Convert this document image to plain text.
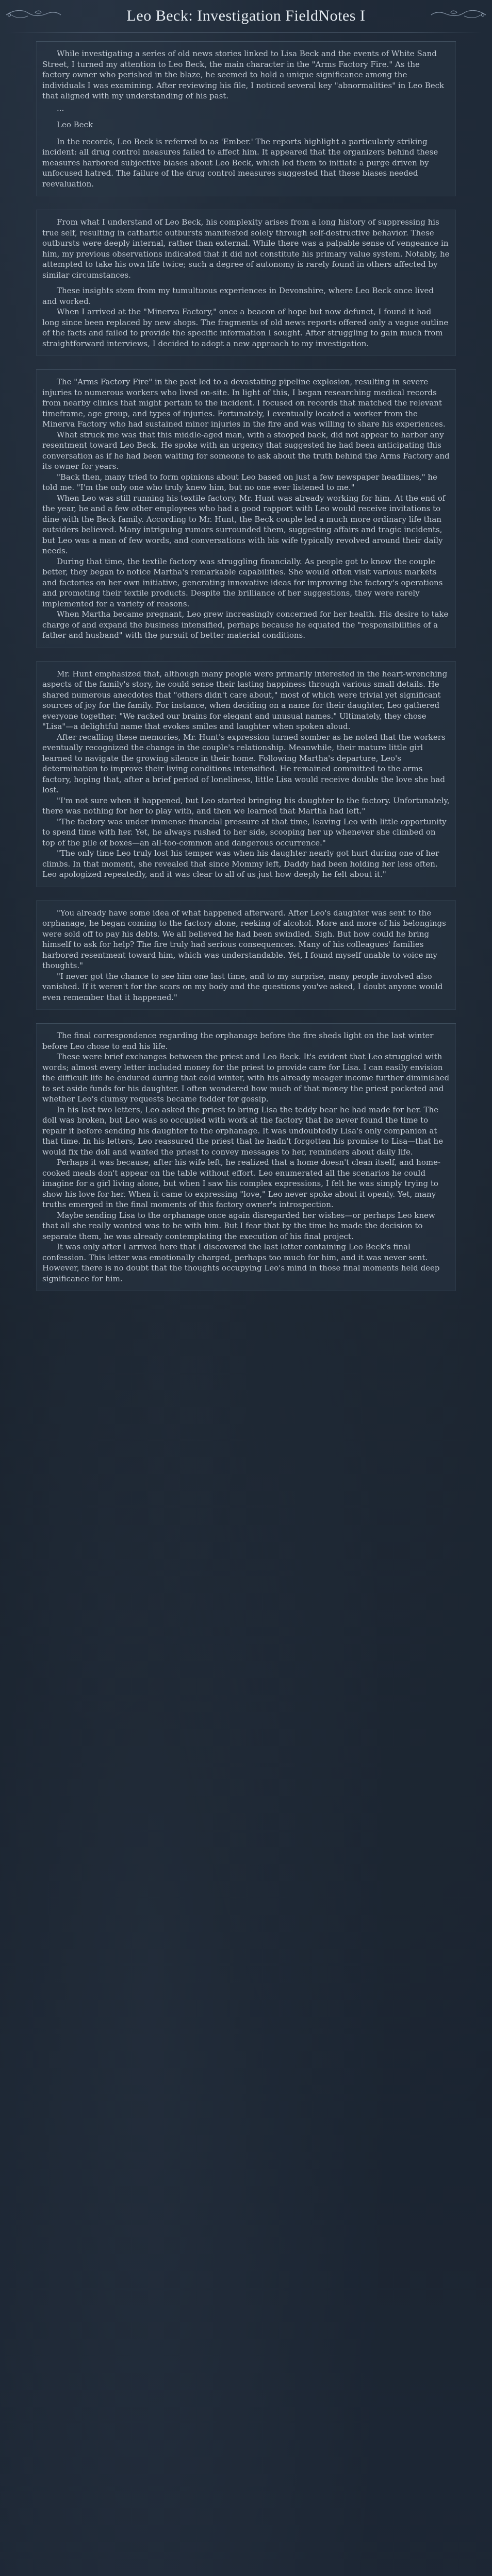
Leo Beck: Investigation FieldNotes I

While investigating a series of old news stories linked to Lisa Beck and the events of White Sand Street, I turned my attention to Leo Beck, the main character in the "Arms Factory Fire." As the factory owner who perished in the blaze, he seemed to hold a unique significance among the individuals I was examining. After reviewing his file, I noticed several key "abnormalities" in Leo Beck that aligned with my understanding of his past.

...
Leo Beck

In the records, Leo Beck is referred to as 'Ember.' The reports highlight a particularly striking incident: all drug control measures failed to affect him. It appeared that the organizers behind these measures harbored subjective biases about Leo Beck, which led them to initiate a purge driven by unfocused hatred. The failure of the drug control measures suggested that these biases needed reevaluation.

From what I understand of Leo Beck, his complexity arises from a long history of suppressing his true self, resulting in cathartic outbursts manifested solely through self-destructive behavior. These outbursts were deeply internal, rather than external. While there was a palpable sense of vengeance in him, my previous observations indicated that it did not constitute his primary value system. Notably, he attempted to take his own life twice; such a degree of autonomy is rarely found in others affected by similar circumstances.

These insights stem from my tumultuous experiences in Devonshire, where Leo Beck once lived and worked.

When I arrived at the "Minerva Factory," once a beacon of hope but now defunct, I found it had long since been replaced by new shops. The fragments of old news reports offered only a vague outline of the facts and failed to provide the specific information I sought. After struggling to gain much from straightforward interviews, I decided to adopt a new approach to my investigation.

The "Arms Factory Fire" in the past led to a devastating pipeline explosion, resulting in severe injuries to numerous workers who lived on-site. In light of this, I began researching medical records from nearby clinics that might pertain to the incident. I focused on records that matched the relevant timeframe, age group, and types of injuries. Fortunately, I eventually located a worker from the Minerva Factory who had sustained minor injuries in the fire and was willing to share his experiences.

What struck me was that this middle-aged man, with a stooped back, did not appear to harbor any resentment toward Leo Beck. He spoke with an urgency that suggested he had been anticipating this conversation as if he had been waiting for someone to ask about the truth behind the Arms Factory and its owner for years.

"Back then, many tried to form opinions about Leo based on just a few newspaper headlines," he told me. "I'm the only one who truly knew him, but no one ever listened to me."

When Leo was still running his textile factory, Mr. Hunt was already working for him. At the end of the year, he and a few other employees who had a good rapport with Leo would receive invitations to dine with the Beck family. According to Mr. Hunt, the Beck couple led a much more ordinary life than outsiders believed. Many intriguing rumors surrounded them, suggesting affairs and tragic incidents, but Leo was a man of few words, and conversations with his wife typically revolved around their daily needs.

During that time, the textile factory was struggling financially. As people got to know the couple better, they began to notice Martha's remarkable capabilities. She would often visit various markets and factories on her own initiative, generating innovative ideas for improving the factory's operations and promoting their textile products. Despite the brilliance of her suggestions, they were rarely implemented for a variety of reasons.

When Martha became pregnant, Leo grew increasingly concerned for her health. His desire to take charge of and expand the business intensified, perhaps because he equated the "responsibilities of a father and husband" with the pursuit of better material conditions.

Mr. Hunt emphasized that, although many people were primarily interested in the heart-wrenching aspects of the family's story, he could sense their lasting happiness through various small details. He shared numerous anecdotes that "others didn't care about," most of which were trivial yet significant sources of joy for the family. For instance, when deciding on a name for their daughter, Leo gathered everyone together: "We racked our brains for elegant and unusual names." Ultimately, they chose "Lisa"—a delightful name that evokes smiles and laughter when spoken aloud.

After recalling these memories, Mr. Hunt's expression turned somber as he noted that the workers eventually recognized the change in the couple's relationship. Meanwhile, their mature little girl learned to navigate the growing silence in their home. Following Martha's departure, Leo's determination to improve their living conditions intensified. He remained committed to the arms factory, hoping that, after a brief period of loneliness, little Lisa would receive double the love she had lost.

"I'm not sure when it happened, but Leo started bringing his daughter to the factory. Unfortunately, there was nothing for her to play with, and then we learned that Martha had left."

"The factory was under immense financial pressure at that time, leaving Leo with little opportunity to spend time with her. Yet, he always rushed to her side, scooping her up whenever she climbed on top of the pile of boxes—an all-too-common and dangerous occurrence."

"The only time Leo truly lost his temper was when his daughter nearly got hurt during one of her climbs. In that moment, she revealed that since Mommy left, Daddy had been holding her less often. Leo apologized repeatedly, and it was clear to all of us just how deeply he felt about it."

"You already have some idea of what happened afterward. After Leo's daughter was sent to the orphanage, he began coming to the factory alone, reeking of alcohol. More and more of his belongings were sold off to pay his debts. We all believed he had been swindled. Sigh. But how could he bring himself to ask for help? The fire truly had serious consequences. Many of his colleagues' families harbored resentment toward him, which was understandable. Yet, I found myself unable to voice my thoughts."

"I never got the chance to see him one last time, and to my surprise, many people involved also vanished. If it weren't for the scars on my body and the questions you've asked, I doubt anyone would even remember that it happened."

The final correspondence regarding the orphanage before the fire sheds light on the last winter before Leo chose to end his life.

These were brief exchanges between the priest and Leo Beck. It's evident that Leo struggled with words; almost every letter included money for the priest to provide care for Lisa. I can easily envision the difficult life he endured during that cold winter, with his already meager income further diminished to set aside funds for his daughter. I often wondered how much of that money the priest pocketed and whether Leo's clumsy requests became fodder for gossip.

In his last two letters, Leo asked the priest to bring Lisa the teddy bear he had made for her. The doll was broken, but Leo was so occupied with work at the factory that he never found the time to repair it before sending his daughter to the orphanage. It was undoubtedly Lisa's only companion at that time. In his letters, Leo reassured the priest that he hadn't forgotten his promise to Lisa—that he would fix the doll and wanted the priest to convey messages to her, reminders about daily life.

Perhaps it was because, after his wife left, he realized that a home doesn't clean itself, and home-cooked meals don't appear on the table without effort. Leo enumerated all the scenarios he could imagine for a girl living alone, but when I saw his complex expressions, I felt he was simply trying to show his love for her. When it came to expressing "love," Leo never spoke about it openly. Yet, many truths emerged in the final moments of this factory owner's introspection.

Maybe sending Lisa to the orphanage once again disregarded her wishes—or perhaps Leo knew that all she really wanted was to be with him. But I fear that by the time he made the decision to separate them, he was already contemplating the execution of his final project.

It was only after I arrived here that I discovered the last letter containing Leo Beck's final confession. This letter was emotionally charged, perhaps too much for him, and it was never sent. However, there is no doubt that the thoughts occupying Leo's mind in those final moments held deep significance for him.
